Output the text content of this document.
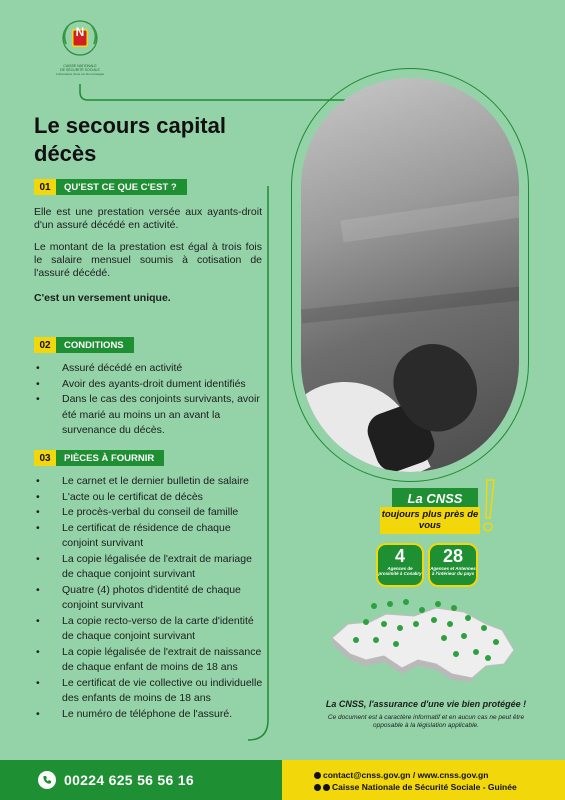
N
CAISSE NATIONALE
DE SÉCURITÉ SOCIALE
L'Assurance d'une vie bien protégée
Le secours capital décès
01	QU'EST CE QUE C'EST ?

Elle est une prestation versée aux ayants-droit d'un assuré décédé en activité.

Le montant de la prestation est égal à trois fois le salaire mensuel soumis à cotisation de l'assuré décédé.

C'est un versement unique.

02	CONDITIONS
• Assuré décédé en activité
• Avoir des ayants-droit dument identifiés
• Dans le cas des conjoints survivants, avoir été marié au moins un an avant la survenance du décès.
03	PIÈCES À FOURNIR
• Le carnet et le dernier bulletin de salaire
• L'acte ou le certificat de décès
• Le procès-verbal du conseil de famille
• Le certificat de résidence de chaque conjoint survivant
• La copie légalisée de l'extrait de mariage de chaque conjoint survivant
• Quatre (4) photos d'identité de chaque conjoint survivant
• La copie recto-verso de la carte d'identité de chaque conjoint survivant
• La copie légalisée de l'extrait de naissance de chaque enfant de moins de 18 ans
• Le certificat de vie collective ou individuelle des enfants de moins de 18 ans
• Le numéro de téléphone de l'assuré.
La CNSS
toujours plus près de vous
4
Agences de proximité à Conakry
28
Agences et Antennes à l'intérieur du pays
La CNSS, l'assurance d'une vie bien protégée !
Ce document est à caractère informatif et en aucun cas ne peut être opposable à la législation applicable.
00224 625 56 56 16	contact@cnss.gov.gn / www.cnss.gov.gn
Caisse Nationale de Sécurité Sociale - Guinée
